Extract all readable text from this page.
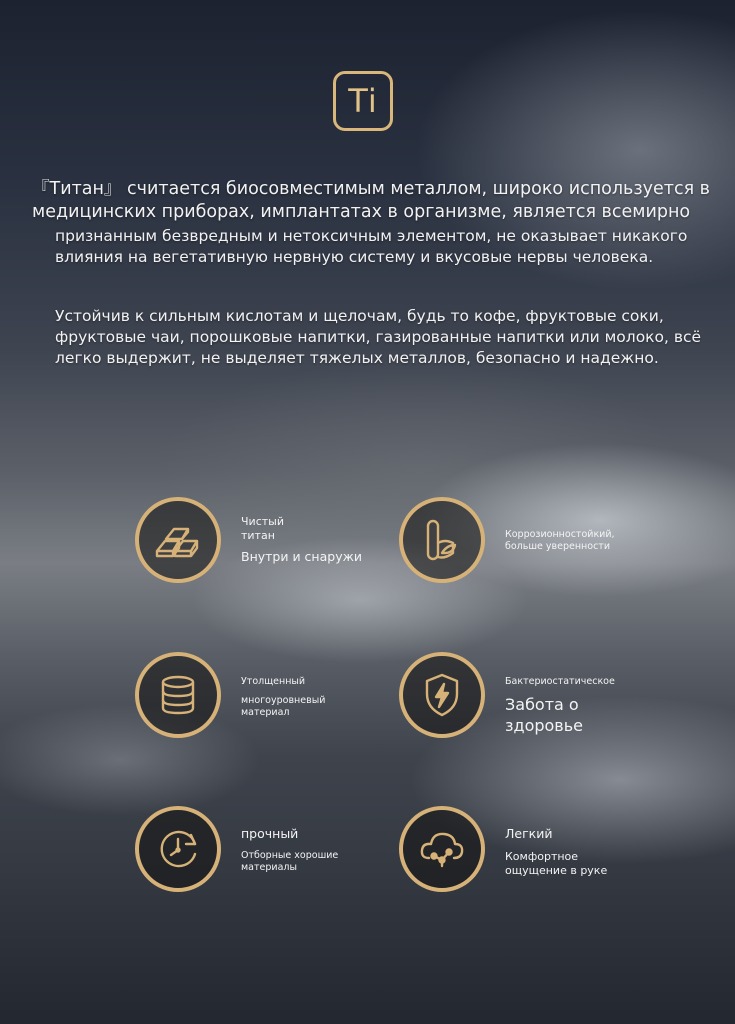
Ti

『Титан』 считается биосовместимым металлом, широко используется в медицинских приборах, имплантатах в организме, является всемирно

признанным безвредным и нетоксичным элементом, не оказывает никакого влияния на вегетативную нервную систему и вкусовые нервы человека.

Устойчив к сильным кислотам и щелочам, будь то кофе, фруктовые соки, фруктовые чаи, порошковые напитки, газированные напитки или молоко, всё легко выдержит, не выделяет тяжелых металлов, безопасно и надежно.

Чистый титан
Внутри и снаружи
Коррозионностойкий, больше уверенности
Утолщенный
многоуровневый материал
Бактериостатическое
Забота о здоровье
прочный
Отборные хорошие материалы
Легкий
Комфортное ощущение в руке
